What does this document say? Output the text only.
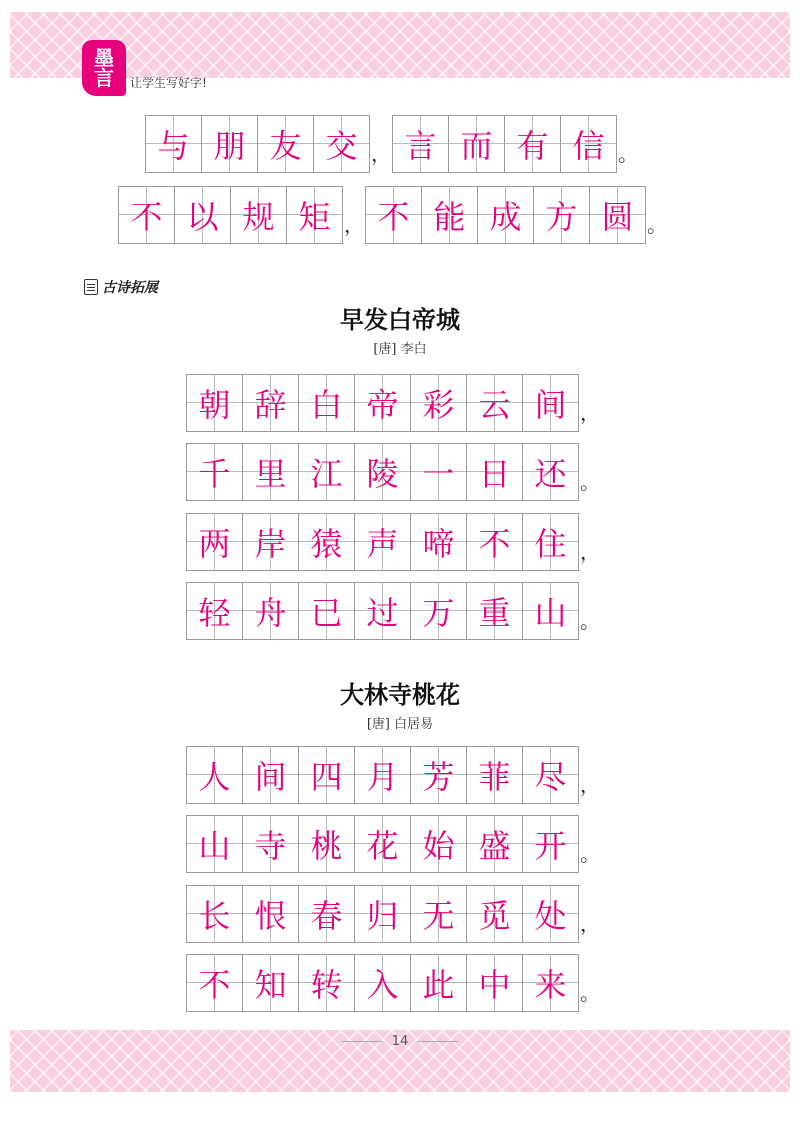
墨
言 让学生写好字!
与 朋 友 交 ， 言 而 有 信 。
不 以 规 矩 ， 不 能 成 方 圆 。
古诗拓展
早发白帝城
[唐] 李白
朝 辞 白 帝 彩 云 间 ，
千 里 江 陵 一 日 还 。
两 岸 猿 声 啼 不 住 ，
轻 舟 已 过 万 重 山 。
大林寺桃花
[唐] 白居易
人 间 四 月 芳 菲 尽 ，
山 寺 桃 花 始 盛 开 。
长 恨 春 归 无 觅 处 ，
不 知 转 入 此 中 来 。
14
